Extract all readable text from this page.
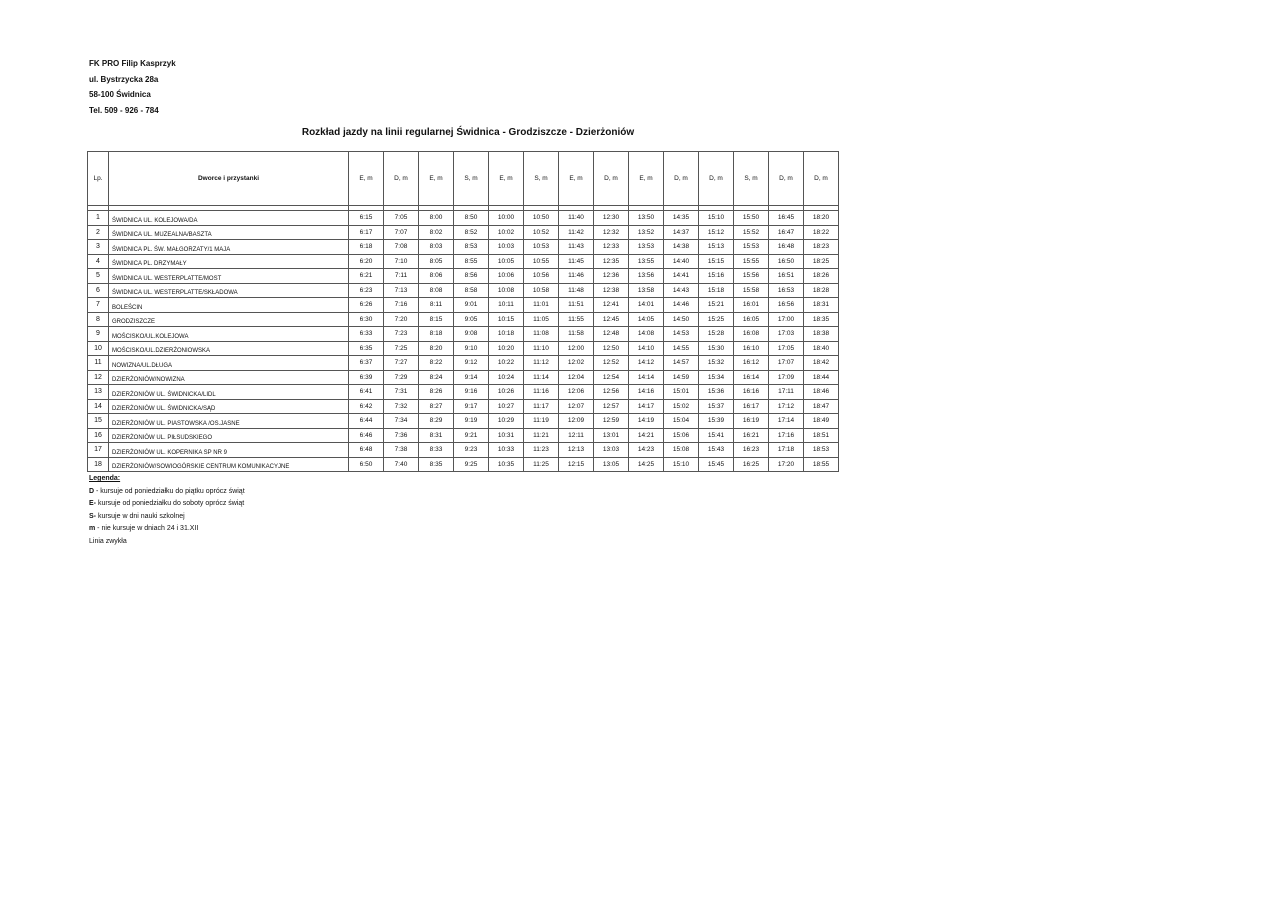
FK PRO Filip Kasprzyk
ul. Bystrzycka 28a
58-100 Świdnica
Tel. 509 - 926 - 784
Rozkład jazdy na linii regularnej Świdnica - Grodziszcze - Dzierżoniów
Lp.	Dworce i przystanki	E, m	D, m	E, m	S, m	E, m	S, m	E, m	D, m	E, m	D, m	D, m	S, m	D, m	D, m

1	ŚWIDNICA UL. KOLEJOWA/DA	6:15	7:05	8:00	8:50	10:00	10:50	11:40	12:30	13:50	14:35	15:10	15:50	16:45	18:20
2	ŚWIDNICA UL. MUZEALNA/BASZTA	6:17	7:07	8:02	8:52	10:02	10:52	11:42	12:32	13:52	14:37	15:12	15:52	16:47	18:22
3	ŚWIDNICA PL. ŚW. MAŁGORZATY/1 MAJA	6:18	7:08	8:03	8:53	10:03	10:53	11:43	12:33	13:53	14:38	15:13	15:53	16:48	18:23
4	ŚWIDNICA PL. DRZYMAŁY	6:20	7:10	8:05	8:55	10:05	10:55	11:45	12:35	13:55	14:40	15:15	15:55	16:50	18:25
5	ŚWIDNICA UL. WESTERPLATTE/MOST	6:21	7:11	8:06	8:56	10:06	10:56	11:46	12:36	13:56	14:41	15:16	15:56	16:51	18:26
6	ŚWIDNICA UL. WESTERPLATTE/SKŁADOWA	6:23	7:13	8:08	8:58	10:08	10:58	11:48	12:38	13:58	14:43	15:18	15:58	16:53	18:28
7	BOLEŚCIN	6:26	7:16	8:11	9:01	10:11	11:01	11:51	12:41	14:01	14:46	15:21	16:01	16:56	18:31
8	GRODZISZCZE	6:30	7:20	8:15	9:05	10:15	11:05	11:55	12:45	14:05	14:50	15:25	16:05	17:00	18:35
9	MOŚCISKO/UL.KOLEJOWA	6:33	7:23	8:18	9:08	10:18	11:08	11:58	12:48	14:08	14:53	15:28	16:08	17:03	18:38
10	MOŚCISKO/UL.DZIERŻONIOWSKA	6:35	7:25	8:20	9:10	10:20	11:10	12:00	12:50	14:10	14:55	15:30	16:10	17:05	18:40
11	NOWIZNA/UL.DŁUGA	6:37	7:27	8:22	9:12	10:22	11:12	12:02	12:52	14:12	14:57	15:32	16:12	17:07	18:42
12	DZIERŻONIÓW/NOWIZNA	6:39	7:29	8:24	9:14	10:24	11:14	12:04	12:54	14:14	14:59	15:34	16:14	17:09	18:44
13	DZIERŻONIÓW UL. ŚWIDNICKA/LIDL	6:41	7:31	8:26	9:16	10:26	11:16	12:06	12:56	14:16	15:01	15:36	16:16	17:11	18:46
14	DZIERŻONIÓW UL. ŚWIDNICKA/SĄD	6:42	7:32	8:27	9:17	10:27	11:17	12:07	12:57	14:17	15:02	15:37	16:17	17:12	18:47
15	DZIERŻONIÓW UL. PIASTOWSKA /OS.JASNE	6:44	7:34	8:29	9:19	10:29	11:19	12:09	12:59	14:19	15:04	15:39	16:19	17:14	18:49
16	DZIERŻONIÓW UL. PIŁSUDSKIEGO	6:46	7:36	8:31	9:21	10:31	11:21	12:11	13:01	14:21	15:06	15:41	16:21	17:16	18:51
17	DZIERŻONIÓW UL. KOPERNIKA SP NR 9	6:48	7:38	8:33	9:23	10:33	11:23	12:13	13:03	14:23	15:08	15:43	16:23	17:18	18:53
18	DZIERŻONIÓW/SOWIOGÓRSKIE CENTRUM KOMUNIKACYJNE	6:50	7:40	8:35	9:25	10:35	11:25	12:15	13:05	14:25	15:10	15:45	16:25	17:20	18:55
Legenda:
D - kursuje od poniedziałku do piątku oprócz świąt
E- kursuje od poniedziałku do soboty oprócz świąt
S- kursuje w dni nauki szkolnej
m - nie kursuje w dniach 24 i 31.XII
Linia zwykła
